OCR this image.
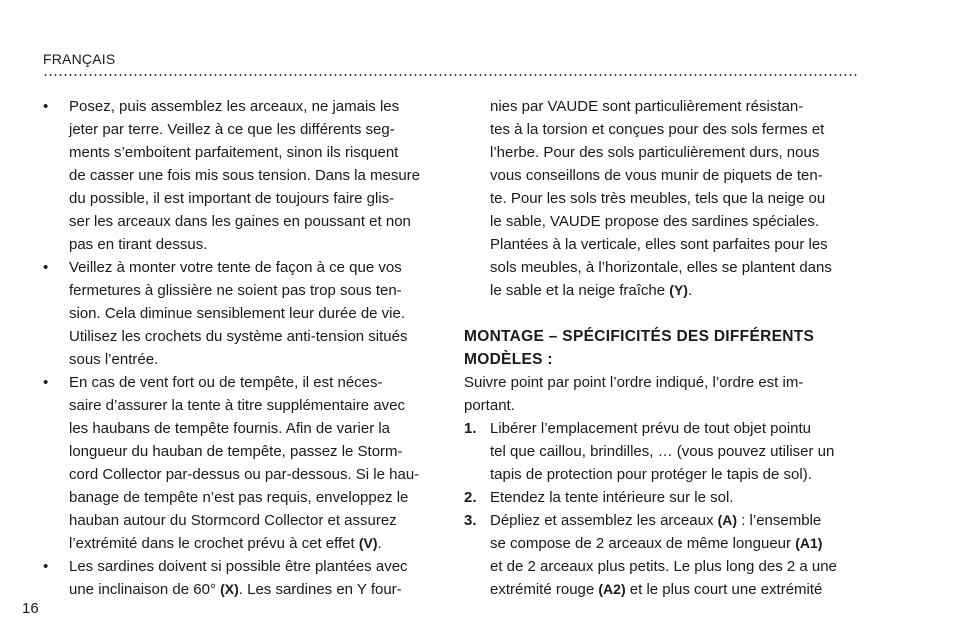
FRANÇAIS
•	Posez, puis assemblez les arceaux, ne jamais les
jeter par terre. Veillez à ce que les différents seg-
ments s’emboitent parfaitement, sinon ils risquent
de casser une fois mis sous tension. Dans la mesure
du possible, il est important de toujours faire glis-
ser les arceaux dans les gaines en poussant et non
pas en tirant dessus.
•	Veillez à monter votre tente de façon à ce que vos
fermetures à glissière ne soient pas trop sous ten-
sion. Cela diminue sensiblement leur durée de vie.
Utilisez les crochets du système anti-tension situés
sous l’entrée.
•	En cas de vent fort ou de tempête, il est néces-
saire d’assurer la tente à titre supplémentaire avec
les haubans de tempête fournis. Afin de varier la
longueur du hauban de tempête, passez le Storm-
cord Collector par-dessus ou par-dessous. Si le hau-
banage de tempête n’est pas requis, enveloppez le
hauban autour du Stormcord Collector et assurez
l’extrémité dans le crochet prévu à cet effet (V).
•	Les sardines doivent si possible être plantées avec
une inclinaison de 60° (X). Les sardines en Y four-
nies par VAUDE sont particulièrement résistan-
tes à la torsion et conçues pour des sols fermes et
l’herbe. Pour des sols particulièrement durs, nous
vous conseillons de vous munir de piquets de ten-
te. Pour les sols très meubles, tels que la neige ou
le sable, VAUDE propose des sardines spéciales.
Plantées à la verticale, elles sont parfaites pour les
sols meubles, à l’horizontale, elles se plantent dans
le sable et la neige fraîche (Y).
MONTAGE – SPÉCIFICITÉS DES DIFFÉRENTS
MODÈLES :
Suivre point par point l’ordre indiqué, l’ordre est im-
portant.
1. Libérer l’emplacement prévu de tout objet pointu
tel que caillou, brindilles, … (vous pouvez utiliser un
tapis de protection pour protéger le tapis de sol).
2. Etendez la tente intérieure sur le sol.
3. Dépliez et assemblez les arceaux (A) : l’ensemble
se compose de 2 arceaux de même longueur (A1)
et de 2 arceaux plus petits. Le plus long des 2 a une
extrémité rouge (A2) et le plus court une extrémité
16
